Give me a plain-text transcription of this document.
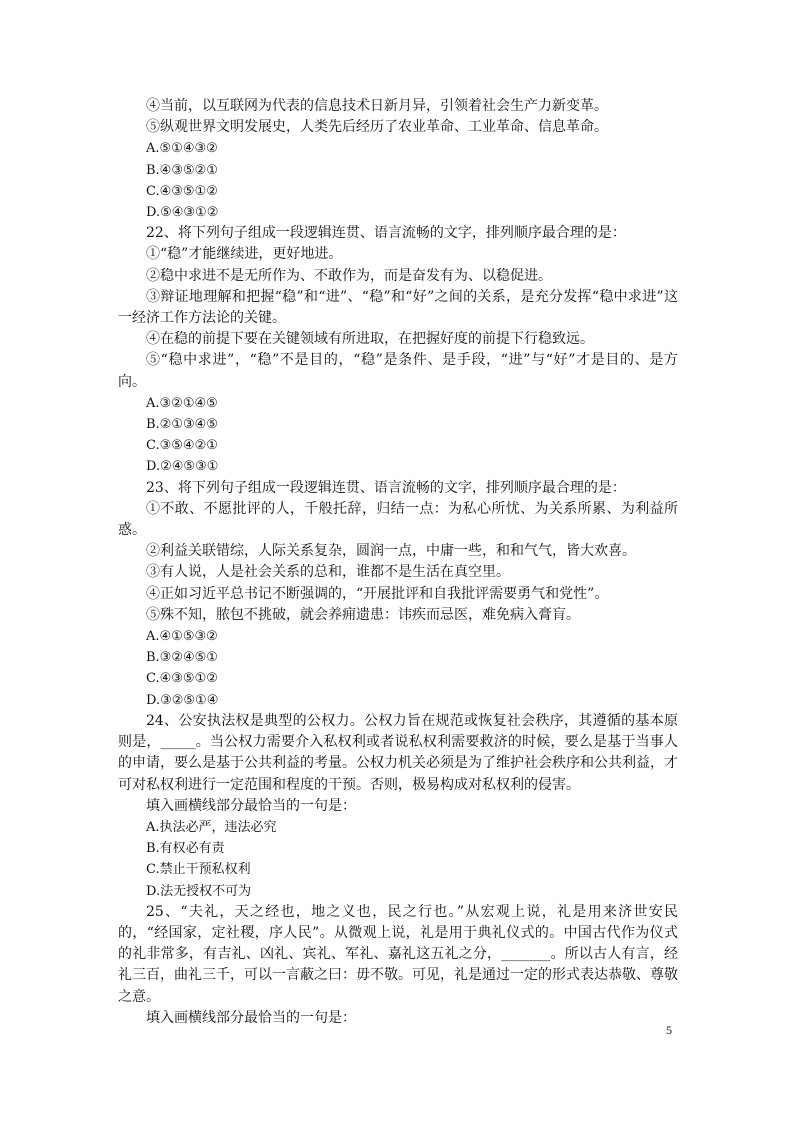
④当前，以互联网为代表的信息技术日新月异，引领着社会生产力新变革。

⑤纵观世界文明发展史，人类先后经历了农业革命、工业革命、信息革命。

A.⑤①④③②

B.④③⑤②①

C.④③⑤①②

D.⑤④③①②

22、将下列句子组成一段逻辑连贯、语言流畅的文字，排列顺序最合理的是：

①“稳”才能继续进，更好地进。

②稳中求进不是无所作为、不敢作为，而是奋发有为、以稳促进。

③辩证地理解和把握“稳”和“进”、“稳”和“好”之间的关系，是充分发挥“稳中求进”这一经济工作方法论的关键。

④在稳的前提下要在关键领域有所进取，在把握好度的前提下行稳致远。

⑤“稳中求进”，“稳”不是目的，“稳”是条件、是手段，“进”与“好”才是目的、是方向。

A.③②①④⑤

B.②①③④⑤

C.③⑤④②①

D.②④⑤③①

23、将下列句子组成一段逻辑连贯、语言流畅的文字，排列顺序最合理的是：

①不敢、不愿批评的人，千般托辞，归结一点：为私心所忧、为关系所累、为利益所惑。

②利益关联错综，人际关系复杂，圆润一点，中庸一些，和和气气，皆大欢喜。

③有人说，人是社会关系的总和，谁都不是生活在真空里。

④正如习近平总书记不断强调的，“开展批评和自我批评需要勇气和党性”。

⑤殊不知，脓包不挑破，就会养痈遗患：讳疾而忌医，难免病入膏肓。

A.④①⑤③②

B.③②④⑤①

C.④③⑤①②

D.③②⑤①④

24、公安执法权是典型的公权力。公权力旨在规范或恢复社会秩序，其遵循的基本原则是，_____。当公权力需要介入私权利或者说私权利需要救济的时候，要么是基于当事人的申请，要么是基于公共利益的考量。公权力机关必须是为了维护社会秩序和公共利益，才可对私权利进行一定范围和程度的干预。否则，极易构成对私权利的侵害。

填入画横线部分最恰当的一句是：

A.执法必严，违法必究

B.有权必有责

C.禁止干预私权利

D.法无授权不可为

25、“夫礼，天之经也，地之义也，民之行也。”从宏观上说，礼是用来济世安民的，“经国家，定社稷，序人民”。从微观上说，礼是用于典礼仪式的。中国古代作为仪式的礼非常多，有吉礼、凶礼、宾礼、军礼、嘉礼这五礼之分，_______。所以古人有言，经礼三百，曲礼三千，可以一言蔽之曰：毋不敬。可见，礼是通过一定的形式表达恭敬、尊敬之意。

填入画横线部分最恰当的一句是：

5
